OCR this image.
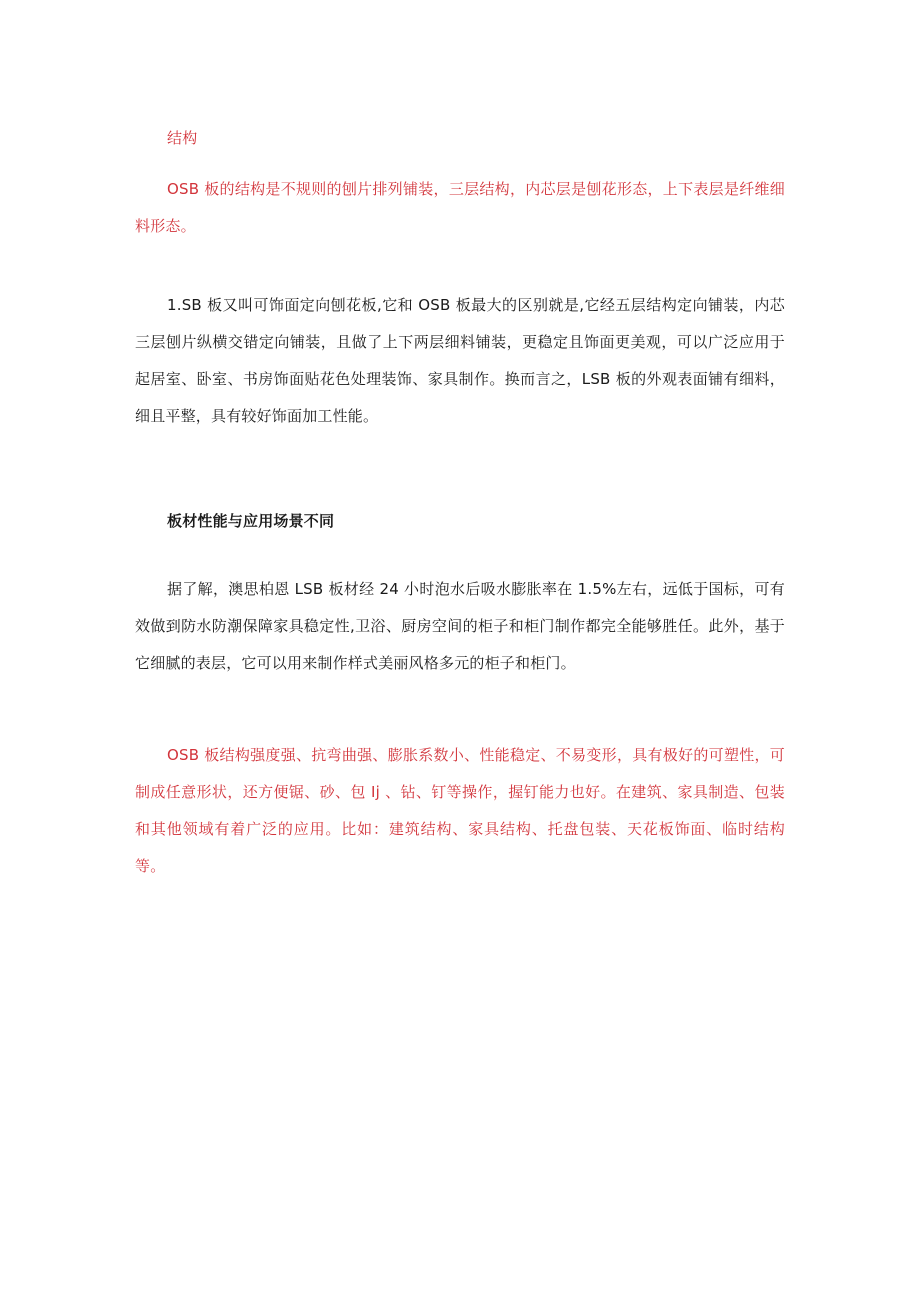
结构

OSB 板的结构是不规则的刨片排列铺装，三层结构，内芯层是刨花形态，上下表层是纤维细料形态。

1.SB 板又叫可饰面定向刨花板,它和 OSB 板最大的区别就是,它经五层结构定向铺装，内芯三层刨片纵横交错定向铺装，且做了上下两层细料铺装，更稳定且饰面更美观，可以广泛应用于起居室、卧室、书房饰面贴花色处理装饰、家具制作。换而言之，LSB 板的外观表面铺有细料，细且平整，具有较好饰面加工性能。

板材性能与应用场景不同

据了解，澳思柏恩 LSB 板材经 24 小时泡水后吸水膨胀率在 1.5%左右，远低于国标，可有效做到防水防潮保障家具稳定性,卫浴、厨房空间的柜子和柜门制作都完全能够胜任。此外，基于它细腻的表层，它可以用来制作样式美丽风格多元的柜子和柜门。

OSB 板结构强度强、抗弯曲强、膨胀系数小、性能稳定、不易变形，具有极好的可塑性，可制成任意形状，还方便锯、砂、包 Ij 、钻、钉等操作，握钉能力也好。在建筑、家具制造、包装和其他领域有着广泛的应用。比如：建筑结构、家具结构、托盘包装、天花板饰面、临时结构等。
